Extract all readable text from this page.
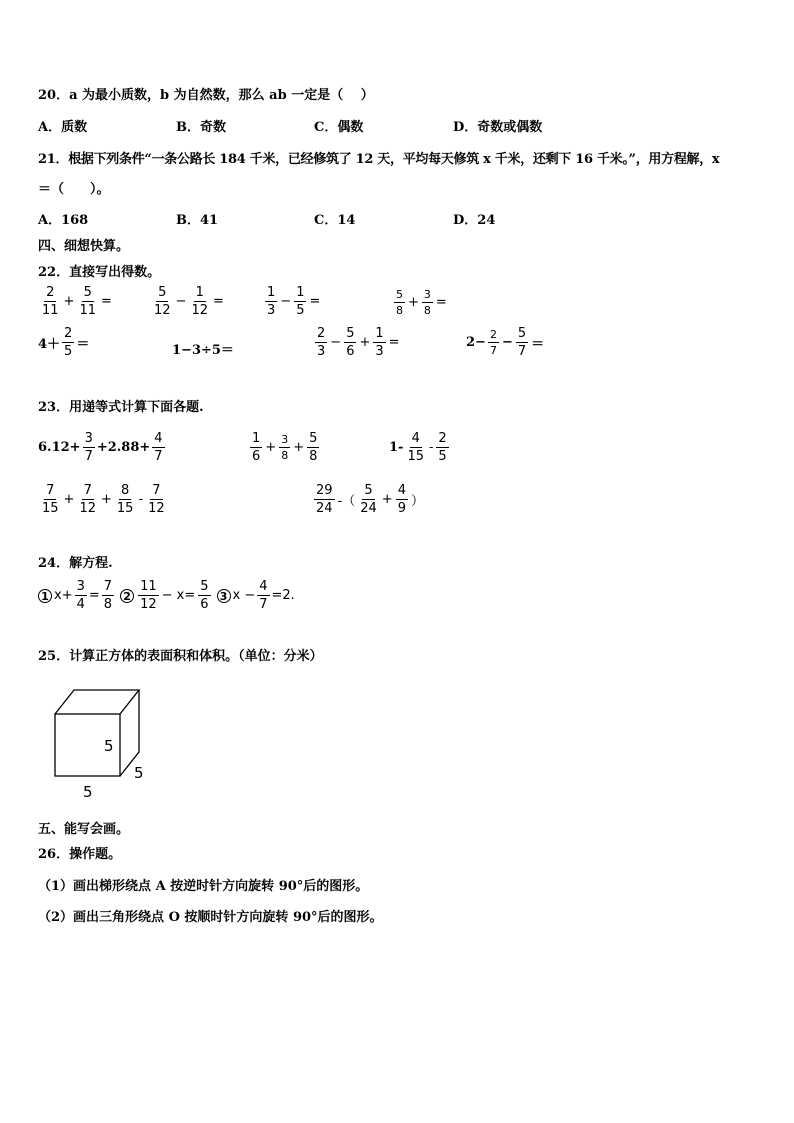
20．a 为最小质数，b 为自然数，那么 ab 一定是（　 ）
A．质数	B．奇数	C．偶数	D．奇数或偶数
21．根据下列条件“一条公路长 184 千米，已经修筑了 12 天，平均每天修筑 x 千米，还剩下 16 千米。”，用方程解，x
＝（　　）。
A．168	B．41	C．14	D．24
四、细想快算。
22．直接写出得数。
$\frac{2}{11} + \frac{5}{11}$ =	$\frac{5}{12} - \frac{1}{12}$ =	$\frac{1}{3} - \frac{1}{5}$ =	$\frac{5}{8} + \frac{3}{8}$ =
$4+ \frac{2}{5}$ ＝	1−3÷5＝	$\frac{2}{3} - \frac{5}{6} + \frac{1}{3}$ =	$2- \frac{2}{7} - \frac{5}{7}$ ＝
23．用递等式计算下面各题.
$6.12+ \frac{3}{7} +2.88+ \frac{4}{7}$	$\frac{1}{6} + \frac{3}{8} + \frac{5}{8}$	$1- \frac{4}{15} - \frac{2}{5}$
$\frac{7}{15} + \frac{7}{12} + \frac{8}{15} - \frac{7}{12}$	$\frac{29}{24}$ -（ $\frac{5}{24} + \frac{4}{9}$ ）
24．解方程.
1 $x+ \frac{3}{4} = \frac{7}{8} 2 \frac{11}{12} - x= \frac{5}{6} 3$ $x - \frac{4}{7} =2$.
25．计算正方体的表面积和体积。（单位：分米）
5
5
5
五、能写会画。
26．操作题。
（1）画出梯形绕点 A 按逆时针方向旋转 90°后的图形。
（2）画出三角形绕点 O 按顺时针方向旋转 90°后的图形。
